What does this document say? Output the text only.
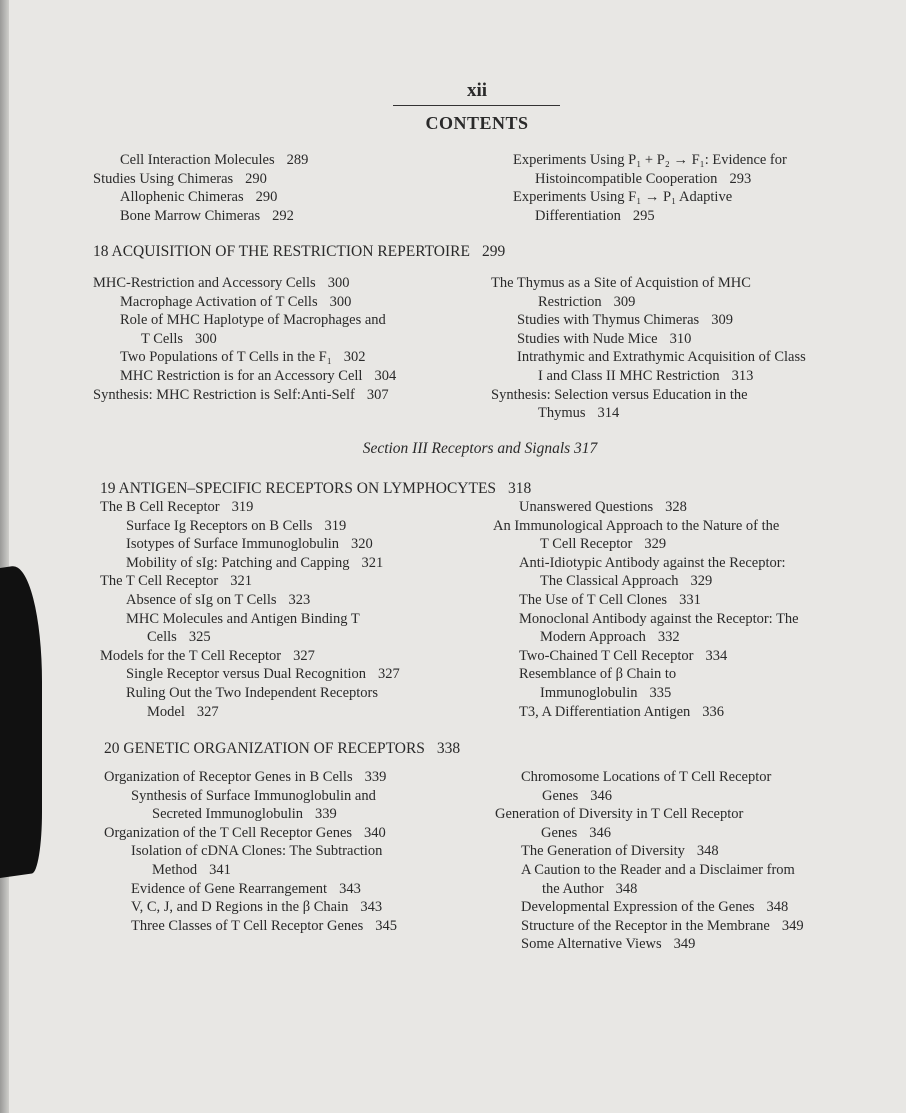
xii
CONTENTS
Cell Interaction Molecules 289
Studies Using Chimeras 290
Allophenic Chimeras 290
Bone Marrow Chimeras 292
Experiments Using P₁ + P₂ → F₁: Evidence for
Histoincompatible Cooperation 293
Experiments Using F₁ → P₁ Adaptive
Differentiation 295
18 ACQUISITION OF THE RESTRICTION REPERTOIRE 299
MHC-Restriction and Accessory Cells 300
Macrophage Activation of T Cells 300
Role of MHC Haplotype of Macrophages and
T Cells 300
Two Populations of T Cells in the F₁ 302
MHC Restriction is for an Accessory Cell 304
Synthesis: MHC Restriction is Self:Anti-Self 307
The Thymus as a Site of Acquistion of MHC
Restriction 309
Studies with Thymus Chimeras 309
Studies with Nude Mice 310
Intrathymic and Extrathymic Acquisition of Class
I and Class II MHC Restriction 313
Synthesis: Selection versus Education in the
Thymus 314
Section III Receptors and Signals 317
19 ANTIGEN–SPECIFIC RECEPTORS ON LYMPHOCYTES 318
The B Cell Receptor 319
Surface Ig Receptors on B Cells 319
Isotypes of Surface Immunoglobulin 320
Mobility of sIg: Patching and Capping 321
The T Cell Receptor 321
Absence of sIg on T Cells 323
MHC Molecules and Antigen Binding T
Cells 325
Models for the T Cell Receptor 327
Single Receptor versus Dual Recognition 327
Ruling Out the Two Independent Receptors
Model 327
Unanswered Questions 328
An Immunological Approach to the Nature of the
T Cell Receptor 329
Anti-Idiotypic Antibody against the Receptor:
The Classical Approach 329
The Use of T Cell Clones 331
Monoclonal Antibody against the Receptor: The
Modern Approach 332
Two-Chained T Cell Receptor 334
Resemblance of β Chain to
Immunoglobulin 335
T3, A Differentiation Antigen 336
20 GENETIC ORGANIZATION OF RECEPTORS 338
Organization of Receptor Genes in B Cells 339
Synthesis of Surface Immunoglobulin and
Secreted Immunoglobulin 339
Organization of the T Cell Receptor Genes 340
Isolation of cDNA Clones: The Subtraction
Method 341
Evidence of Gene Rearrangement 343
V, C, J, and D Regions in the β Chain 343
Three Classes of T Cell Receptor Genes 345
Chromosome Locations of T Cell Receptor
Genes 346
Generation of Diversity in T Cell Receptor
Genes 346
The Generation of Diversity 348
A Caution to the Reader and a Disclaimer from
the Author 348
Developmental Expression of the Genes 348
Structure of the Receptor in the Membrane 349
Some Alternative Views 349
